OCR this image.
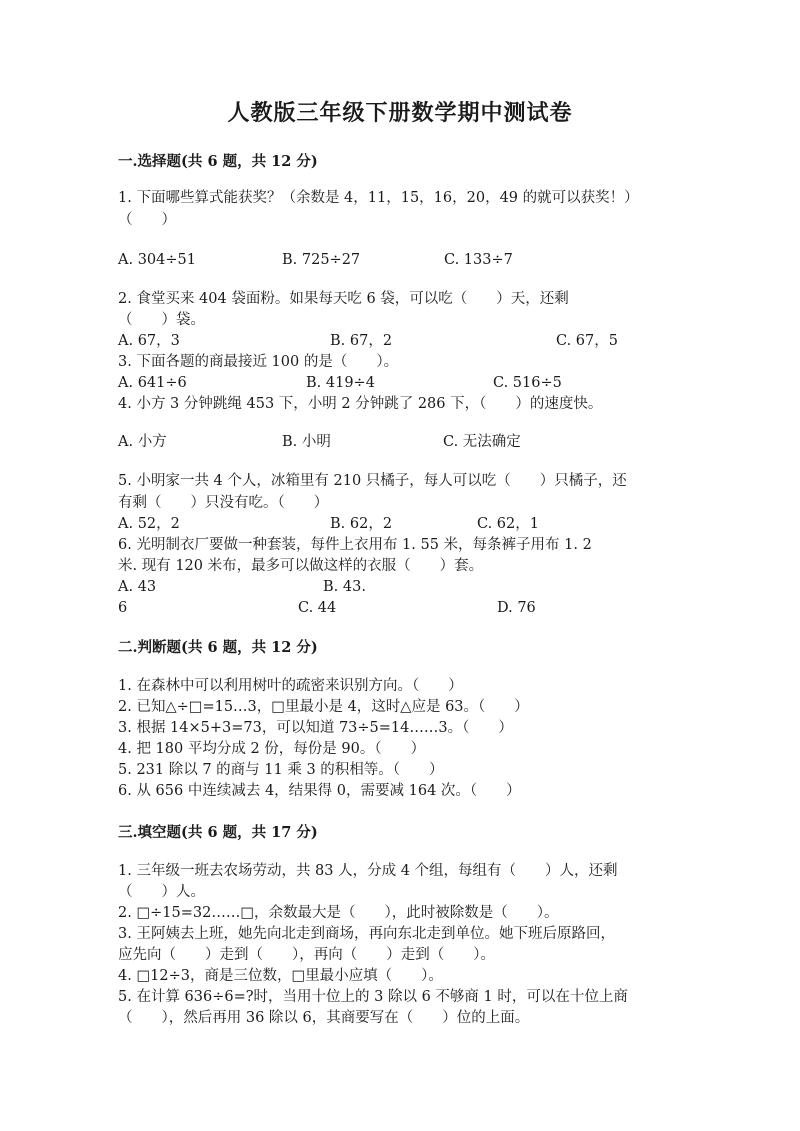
人教版三年级下册数学期中测试卷
一.选择题(共 6 题，共 12 分)
1. 下面哪些算式能获奖？（余数是 4，11，15，16，20，49 的就可以获奖！）
（　　）
A. 304÷51	B. 725÷27	C. 133÷7
2. 食堂买来 404 袋面粉。如果每天吃 6 袋，可以吃（　　）天，还剩
（　　）袋。
A. 67，3	B. 67，2	C. 67，5
3. 下面各题的商最接近 100 的是（　　）。
A. 641÷6	B. 419÷4	C. 516÷5
4. 小方 3 分钟跳绳 453 下，小明 2 分钟跳了 286 下，（　　）的速度快。
A. 小方	B. 小明	C. 无法确定
5. 小明家一共 4 个人，冰箱里有 210 只橘子，每人可以吃（　　）只橘子，还
有剩（　　）只没有吃。（　　）
A. 52，2	B. 62，2	C. 62，1
6. 光明制衣厂要做一种套装，每件上衣用布 1. 55 米，每条裤子用布 1. 2
米. 现有 120 米布，最多可以做这样的衣服（　　）套。
A. 43	B. 43.
6	C. 44	D. 76
二.判断题(共 6 题，共 12 分)
1. 在森林中可以利用树叶的疏密来识别方向。（　　）
2. 已知△÷□=15…3，□里最小是 4，这时△应是 63。（　　）
3. 根据 14×5+3=73，可以知道 73÷5=14……3。（　　）
4. 把 180 平均分成 2 份，每份是 90。（　　）
5. 231 除以 7 的商与 11 乘 3 的积相等。（　　）
6. 从 656 中连续减去 4，结果得 0，需要减 164 次。（　　）
三.填空题(共 6 题，共 17 分)
1. 三年级一班去农场劳动，共 83 人，分成 4 个组，每组有（　　）人，还剩
（　　）人。
2. □÷15=32……□，余数最大是（　　），此时被除数是（　　）。
3. 王阿姨去上班，她先向北走到商场，再向东北走到单位。她下班后原路回，
应先向（　　）走到（　　），再向（　　）走到（　　）。
4. □12÷3，商是三位数，□里最小应填（　　）。
5. 在计算 636÷6=?时，当用十位上的 3 除以 6 不够商 1 时，可以在十位上商
（　　），然后再用 36 除以 6，其商要写在（　　）位的上面。
